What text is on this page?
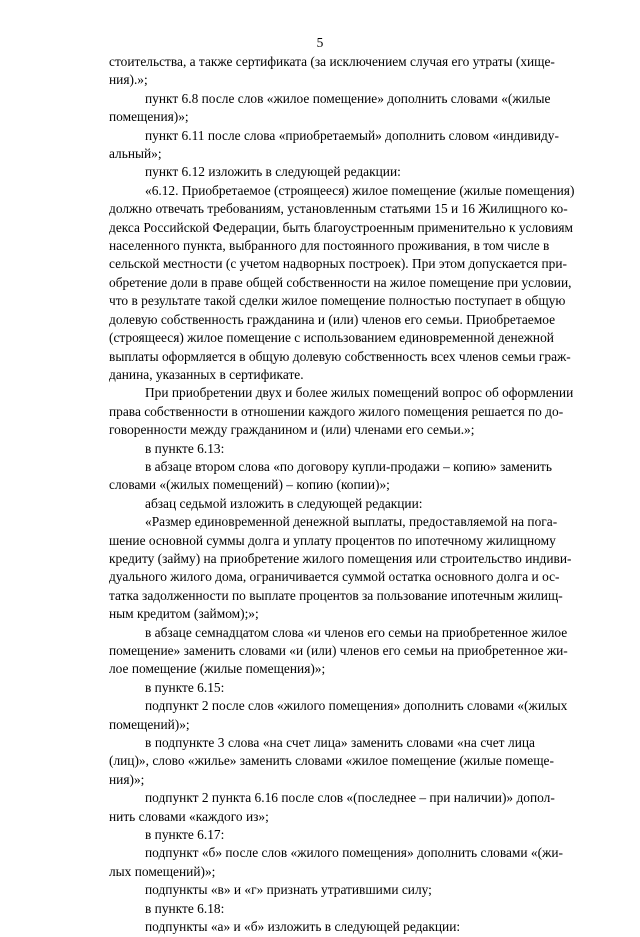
5
стоительства, а также сертификата (за исключением случая его утраты (хище-
ния).»;
пункт 6.8 после слов «жилое помещение» дополнить словами «(жилые
помещения)»;
пункт 6.11 после слова «приобретаемый» дополнить словом «индивиду-
альный»;
пункт 6.12 изложить в следующей редакции:
«6.12. Приобретаемое (строящееся) жилое помещение (жилые помещения)
должно отвечать требованиям, установленным статьями 15 и 16 Жилищного ко-
декса Российской Федерации, быть благоустроенным применительно к условиям
населенного пункта, выбранного для постоянного проживания, в том числе в
сельской местности (с учетом надворных построек). При этом допускается при-
обретение доли в праве общей собственности на жилое помещение при условии,
что в результате такой сделки жилое помещение полностью поступает в общую
долевую собственность гражданина и (или) членов его семьи. Приобретаемое
(строящееся) жилое помещение с использованием единовременной денежной
выплаты оформляется в общую долевую собственность всех членов семьи граж-
данина, указанных в сертификате.
При приобретении двух и более жилых помещений вопрос об оформлении
права собственности в отношении каждого жилого помещения решается по до-
говоренности между гражданином и (или) членами его семьи.»;
в пункте 6.13:
в абзаце втором слова «по договору купли-продажи – копию» заменить
словами «(жилых помещений) – копию (копии)»;
абзац седьмой изложить в следующей редакции:
«Размер единовременной денежной выплаты, предоставляемой на пога-
шение основной суммы долга и уплату процентов по ипотечному жилищному
кредиту (займу) на приобретение жилого помещения или строительство индиви-
дуального жилого дома, ограничивается суммой остатка основного долга и ос-
татка задолженности по выплате процентов за пользование ипотечным жилищ-
ным кредитом (займом);»;
в абзаце семнадцатом слова «и членов его семьи на приобретенное жилое
помещение» заменить словами «и (или) членов его семьи на приобретенное жи-
лое помещение (жилые помещения)»;
в пункте 6.15:
подпункт 2 после слов «жилого помещения» дополнить словами «(жилых
помещений)»;
в подпункте 3 слова «на счет лица» заменить словами «на счет лица
(лиц)», слово «жилье» заменить словами «жилое помещение (жилые помеще-
ния)»;
подпункт 2 пункта 6.16 после слов «(последнее – при наличии)» допол-
нить словами «каждого из»;
в пункте 6.17:
подпункт «б» после слов «жилого помещения» дополнить словами «(жи-
лых помещений)»;
подпункты «в» и «г» признать утратившими силу;
в пункте 6.18:
подпункты «а» и «б» изложить в следующей редакции:
